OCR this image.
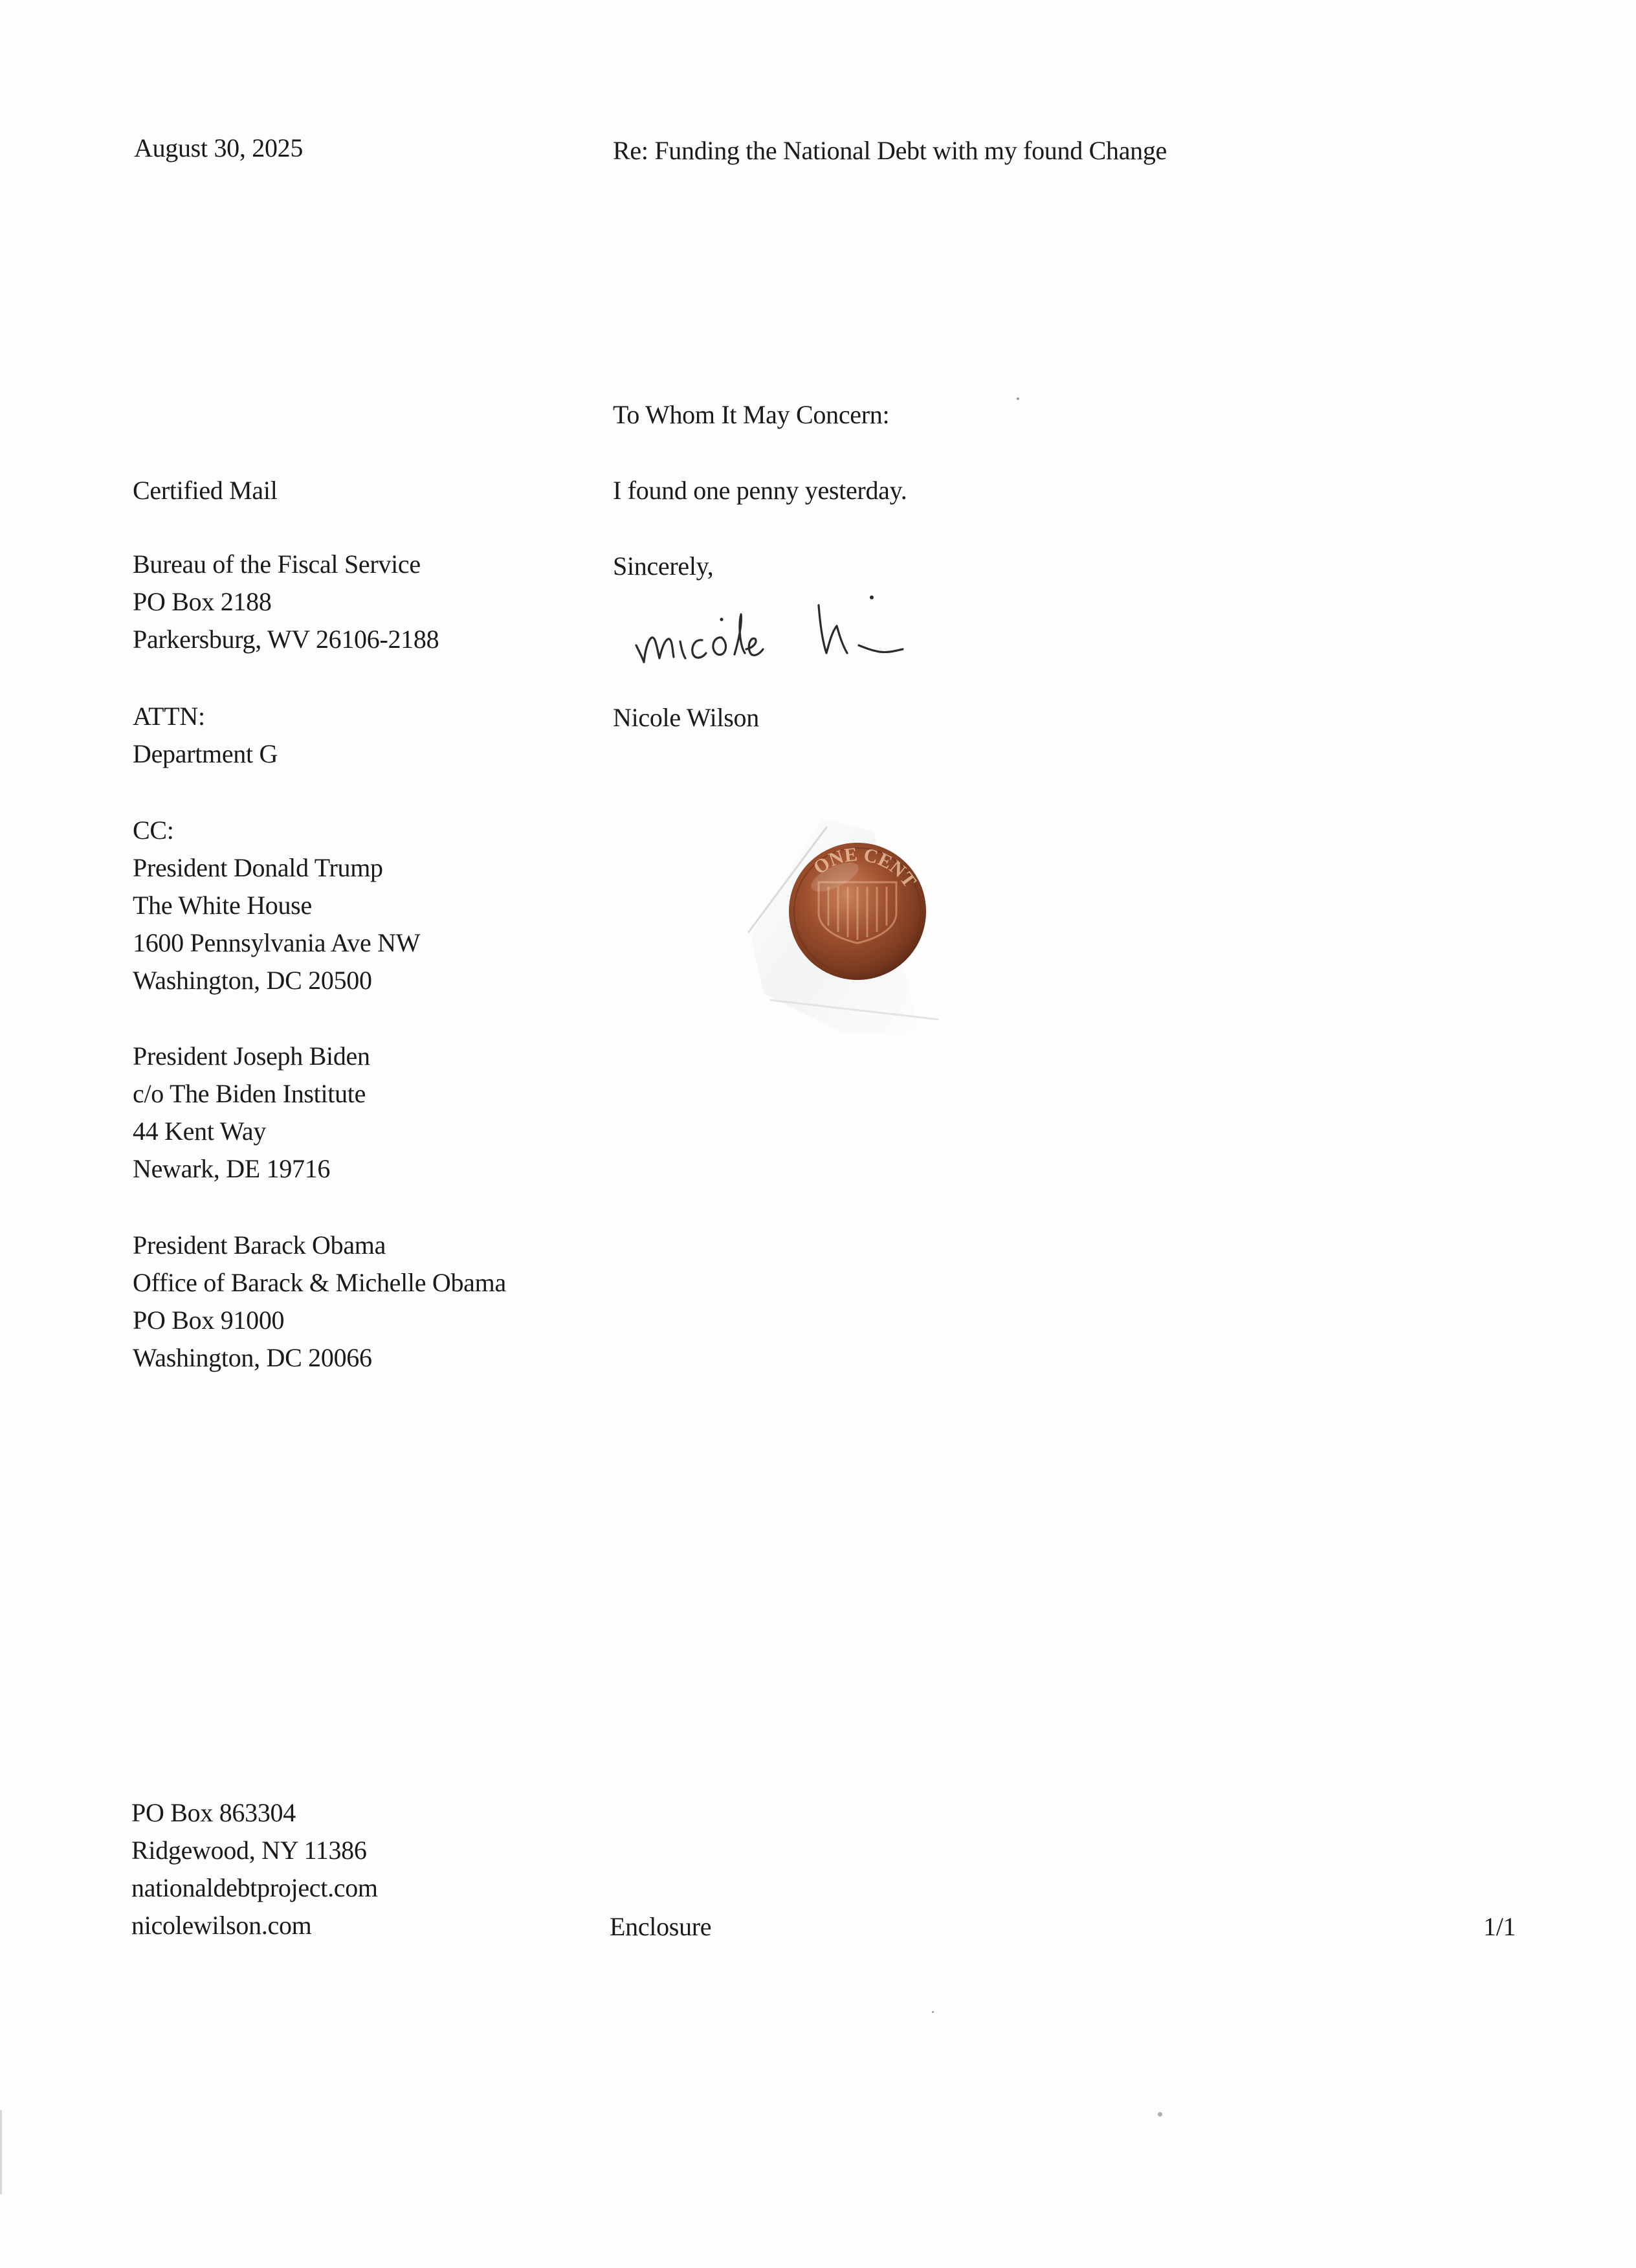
August 30, 2025	Re: Funding the National Debt with my found Change
To Whom It May Concern:
I found one penny yesterday.
Sincerely,
Nicole Wilson
Certified Mail
Bureau of the Fiscal Service
PO Box 2188
Parkersburg, WV 26106-2188
ATTN:
Department G
CC:
President Donald Trump
The White House
1600 Pennsylvania Ave NW
Washington, DC 20500
President Joseph Biden
c/o The Biden Institute
44 Kent Way
Newark, DE 19716
President Barack Obama
Office of Barack & Michelle Obama
PO Box 91000
Washington, DC 20066
ONE CENT
PO Box 863304
Ridgewood, NY 11386
nationaldebtproject.com
nicolewilson.com	Enclosure	1/1
